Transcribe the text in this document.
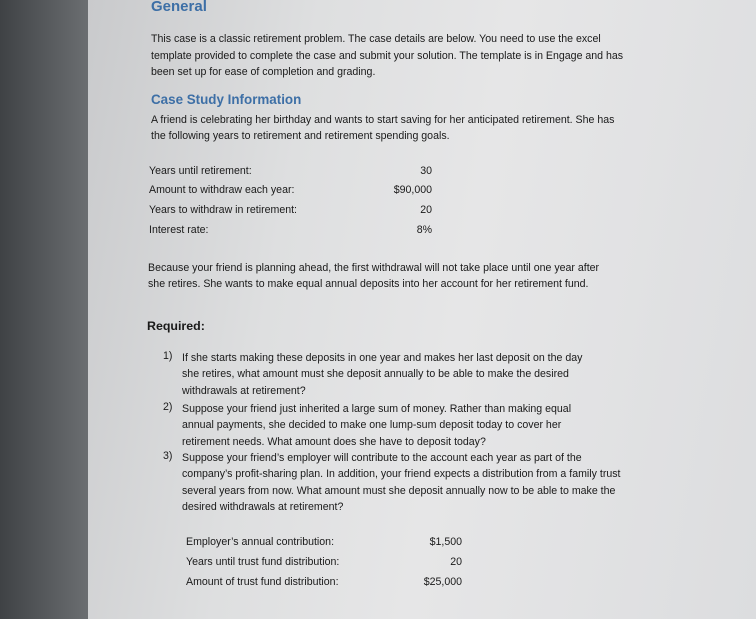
General
This case is a classic retirement problem. The case details are below. You need to use the excel template provided to complete the case and submit your solution. The template is in Engage and has been set up for ease of completion and grading.
Case Study Information
A friend is celebrating her birthday and wants to start saving for her anticipated retirement. She has the following years to retirement and retirement spending goals.
Years until retirement:	30
Amount to withdraw each year:	$90,000
Years to withdraw in retirement:	20
Interest rate:	8%
Because your friend is planning ahead, the first withdrawal will not take place until one year after she retires. She wants to make equal annual deposits into her account for her retirement fund.
Required:
1) If she starts making these deposits in one year and makes her last deposit on the day she retires, what amount must she deposit annually to be able to make the desired withdrawals at retirement?
2) Suppose your friend just inherited a large sum of money. Rather than making equal annual payments, she decided to make one lump-sum deposit today to cover her retirement needs. What amount does she have to deposit today?
3) Suppose your friend’s employer will contribute to the account each year as part of the company’s profit-sharing plan. In addition, your friend expects a distribution from a family trust several years from now. What amount must she deposit annually now to be able to make the desired withdrawals at retirement?
Employer’s annual contribution:	$1,500
Years until trust fund distribution:	20
Amount of trust fund distribution:	$25,000
